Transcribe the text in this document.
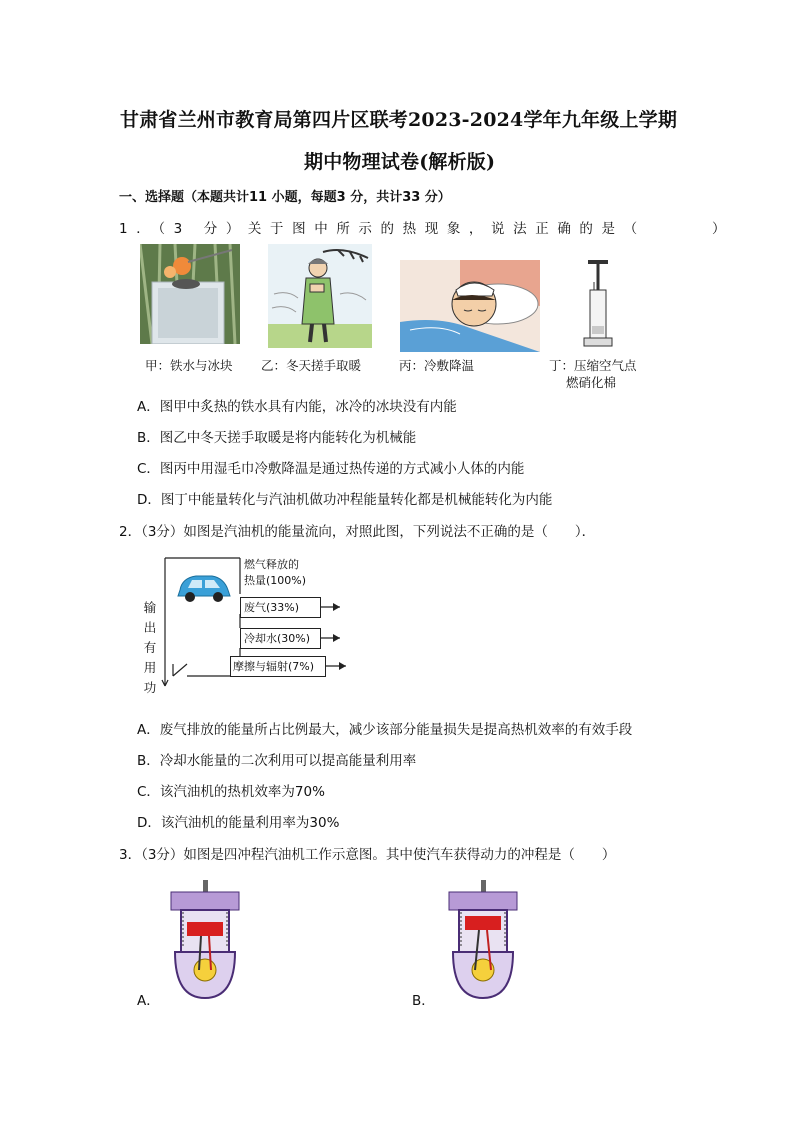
甘肃省兰州市教育局第四片区联考2023-2024学年九年级上学期
期中物理试卷(解析版)
一、选择题（本题共计11 小题，每题3 分，共计33 分）
1．（3 分）关于图中所示的热现象，说法正确的是（　　　）
甲：铁水与冰块 乙：冬天搓手取暖	丙：冷敷降温	丁：压缩空气点
燃硝化棉
A．图甲中炙热的铁水具有内能，冰冷的冰块没有内能
B．图乙中冬天搓手取暖是将内能转化为机械能
C．图丙中用湿毛巾冷敷降温是通过热传递的方式减小人体的内能
D．图丁中能量转化与汽油机做功冲程能量转化都是机械能转化为内能
2．（3分）如图是汽油机的能量流向，对照此图，下列说法不正确的是（　　）．
燃气释放的
热量(100%)
废气(33%)
冷却水(30%)
摩擦与辐射(7%)
输
出
有
用
功
A．废气排放的能量所占比例最大，减少该部分能量损失是提高热机效率的有效手段
B．冷却水能量的二次利用可以提高能量利用率
C．该汽油机的热机效率为70%
D．该汽油机的能量利用率为30%
3．（3分）如图是四冲程汽油机工作示意图。其中使汽车获得动力的冲程是（　　）
A．	B．
